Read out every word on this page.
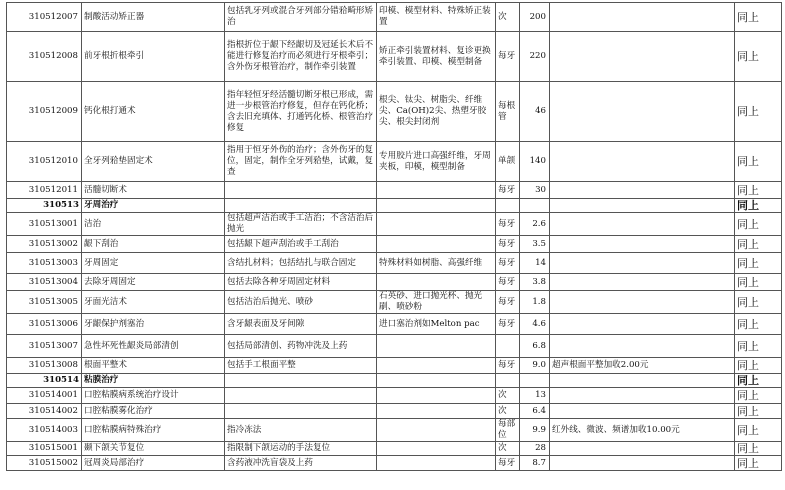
310512007	制酸活动矫正器	包括乳牙列或混合牙列部分错𬌗畸形矫治	印模、模型材料、特殊矫正装置	次	200		同上
310512008	前牙根折根牵引	指根折位于龈下经龈切及冠延长术后不能进行修复治疗而必须进行牙根牵引；含外伤牙根管治疗，制作牵引装置	矫正牵引装置材料、复诊更换牵引装置、印模、模型制备	每牙	220		同上
310512009	钙化根打通术	指年轻恒牙经活髓切断牙根已形成，需进一步根管治疗修复，但存在钙化桥；含去旧充填体、打通钙化桥、根管治疗修复	根尖、钛尖、树脂尖、纤维尖、Ca(OH)2尖、热塑牙胶尖、根尖封闭剂	每根管	46		同上
310512010	全牙列𬌗垫固定术	指用于恒牙外伤的治疗；含外伤牙的复位，固定，制作全牙列𬌗垫，试戴，复查	专用胶片进口高强纤维，牙周夹板，印模，模型制备	单颌	140		同上
310512011	活髓切断术			每牙	30		同上
310513	牙周治疗						同上
310513001	洁治	包括超声洁治或手工洁治；不含洁治后抛光		每牙	2.6		同上
310513002	龈下刮治	包括龈下超声刮治或手工刮治		每牙	3.5		同上
310513003	牙周固定	含结扎材料；包括结扎与联合固定	特殊材料如树脂、高强纤维	每牙	14		同上
310513004	去除牙周固定	包括去除各种牙周固定材料		每牙	3.8		同上
310513005	牙面光洁术	包括洁治后抛光、喷砂	石英砂、进口抛光杯、抛光刷、喷砂粉	每牙	1.8		同上
310513006	牙龈保护剂塞治	含牙龈表面及牙间隙	进口塞治剂如Melton pac	每牙	4.6		同上
310513007	急性坏死性龈炎局部清创	包括局部清创、药物冲洗及上药			6.8		同上
310513008	根面平整术	包括手工根面平整		每牙	9.0	超声根面平整加收2.00元	同上
310514	粘膜治疗						同上
310514001	口腔粘膜病系统治疗设计			次	13		同上
310514002	口腔粘膜雾化治疗			次	6.4		同上
310514003	口腔粘膜病特殊治疗	指冷冻法		每部位	9.9	红外线、微波、频谱加收10.00元	同上
310515001	颞下颌关节复位	指限制下颌运动的手法复位		次	28		同上
310515002	冠周炎局部治疗	含药液冲洗盲袋及上药		每牙	8.7		同上
